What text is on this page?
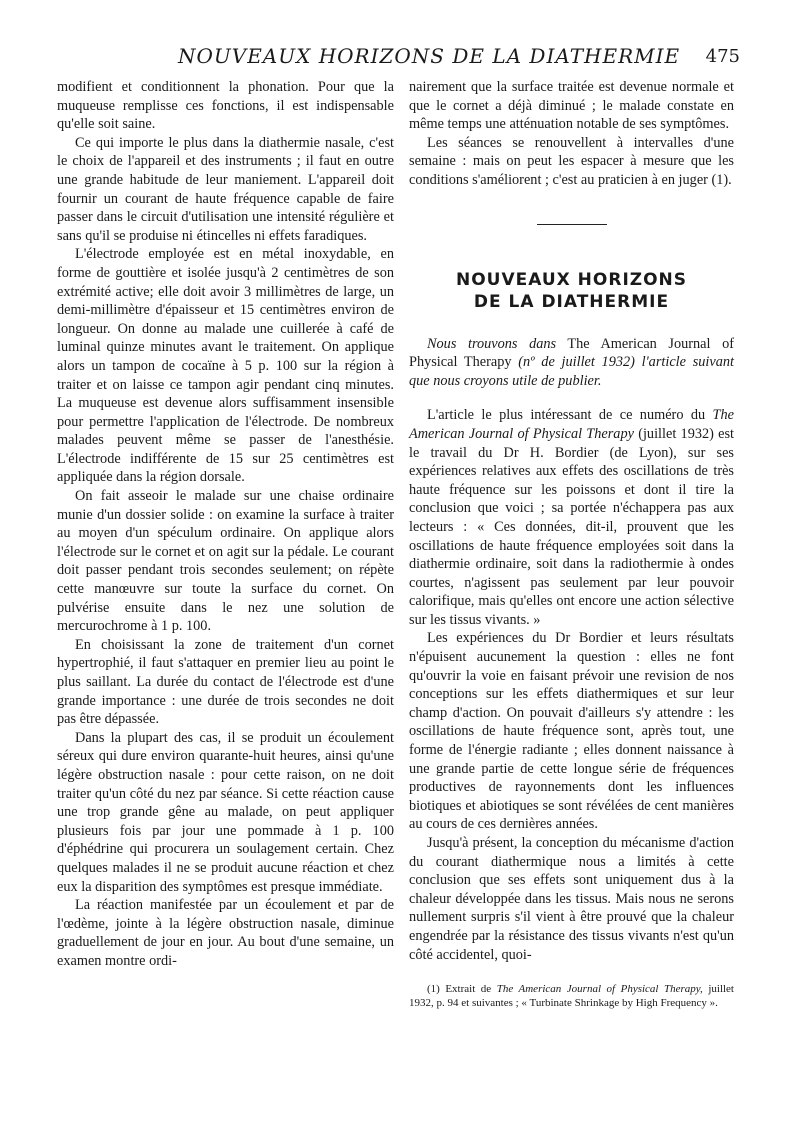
NOUVEAUX HORIZONS DE LA DIATHERMIE 475

modifient et conditionnent la phonation. Pour que la muqueuse remplisse ces fonctions, il est indispensable qu'elle soit saine.

Ce qui importe le plus dans la diathermie nasale, c'est le choix de l'appareil et des instruments ; il faut en outre une grande habitude de leur maniement. L'appareil doit fournir un courant de haute fréquence capable de faire passer dans le circuit d'utilisation une intensité régulière et sans qu'il se produise ni étincelles ni effets faradiques.

L'électrode employée est en métal inoxydable, en forme de gouttière et isolée jusqu'à 2 centimètres de son extrémité active; elle doit avoir 3 millimètres de large, un demi-millimètre d'épaisseur et 15 centimètres environ de longueur. On donne au malade une cuillerée à café de luminal quinze minutes avant le traitement. On applique alors un tampon de cocaïne à 5 p. 100 sur la région à traiter et on laisse ce tampon agir pendant cinq minutes. La muqueuse est devenue alors suffisamment insensible pour permettre l'application de l'électrode. De nombreux malades peuvent même se passer de l'anesthésie. L'électrode indifférente de 15 sur 25 centimètres est appliquée dans la région dorsale.

On fait asseoir le malade sur une chaise ordinaire munie d'un dossier solide : on examine la surface à traiter au moyen d'un spéculum ordinaire. On applique alors l'électrode sur le cornet et on agit sur la pédale. Le courant doit passer pendant trois secondes seulement; on répète cette manœuvre sur toute la surface du cornet. On pulvérise ensuite dans le nez une solution de mercurochrome à 1 p. 100.

En choisissant la zone de traitement d'un cornet hypertrophié, il faut s'attaquer en premier lieu au point le plus saillant. La durée du contact de l'électrode est d'une grande importance : une durée de trois secondes ne doit pas être dépassée.

Dans la plupart des cas, il se produit un écoulement séreux qui dure environ quarante-huit heures, ainsi qu'une légère obstruction nasale : pour cette raison, on ne doit traiter qu'un côté du nez par séance. Si cette réaction cause une trop grande gêne au malade, on peut appliquer plusieurs fois par jour une pommade à 1 p. 100 d'éphédrine qui procurera un soulagement certain. Chez quelques malades il ne se produit aucune réaction et chez eux la disparition des symptômes est presque immédiate.

La réaction manifestée par un écoulement et par de l'œdème, jointe à la légère obstruction nasale, diminue graduellement de jour en jour. Au bout d'une semaine, un examen montre ordi-

nairement que la surface traitée est devenue normale et que le cornet a déjà diminué ; le malade constate en même temps une atténuation notable de ses symptômes.

Les séances se renouvellent à intervalles d'une semaine : mais on peut les espacer à mesure que les conditions s'améliorent ; c'est au praticien à en juger (1).

NOUVEAUX HORIZONS
DE LA DIATHERMIE

Nous trouvons dans The American Journal of Physical Therapy (nº de juillet 1932) l'article suivant que nous croyons utile de publier.

L'article le plus intéressant de ce numéro du The American Journal of Physical Therapy (juillet 1932) est le travail du Dr H. Bordier (de Lyon), sur ses expériences relatives aux effets des oscillations de très haute fréquence sur les poissons et dont il tire la conclusion que voici ; sa portée n'échappera pas aux lecteurs : « Ces données, dit-il, prouvent que les oscillations de haute fréquence employées soit dans la diathermie ordinaire, soit dans la radiothermie à ondes courtes, n'agissent pas seulement par leur pouvoir calorifique, mais qu'elles ont encore une action sélective sur les tissus vivants. »

Les expériences du Dr Bordier et leurs résultats n'épuisent aucunement la question : elles ne font qu'ouvrir la voie en faisant prévoir une revision de nos conceptions sur les effets diathermiques et sur leur champ d'action. On pouvait d'ailleurs s'y attendre : les oscillations de haute fréquence sont, après tout, une forme de l'énergie radiante ; elles donnent naissance à une grande partie de cette longue série de fréquences productives de rayonnements dont les influences biotiques et abiotiques se sont révélées de cent manières au cours de ces dernières années.

Jusqu'à présent, la conception du mécanisme d'action du courant diathermique nous a limités à cette conclusion que ses effets sont uniquement dus à la chaleur développée dans les tissus. Mais nous ne serons nullement surpris s'il vient à être prouvé que la chaleur engendrée par la résistance des tissus vivants n'est qu'un côté accidentel, quoi-

(1) Extrait de The American Journal of Physical Therapy, juillet 1932, p. 94 et suivantes ; « Turbinate Shrinkage by High Frequency ».
